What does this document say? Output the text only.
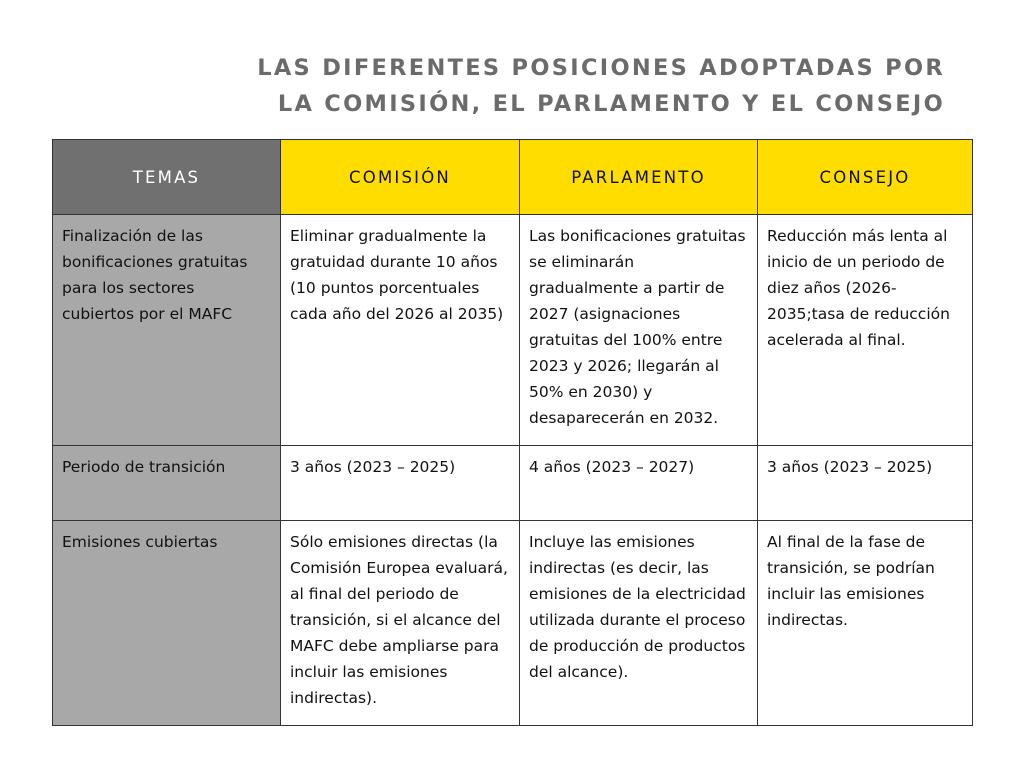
LAS DIFERENTES POSICIONES ADOPTADAS POR
LA COMISIÓN, EL PARLAMENTO Y EL CONSEJO
TEMAS	COMISIÓN	PARLAMENTO	CONSEJO
Finalización de las bonificaciones gratuitas para los sectores cubiertos por el MAFC	Eliminar gradualmente la gratuidad durante 10 años (10 puntos porcentuales cada año del 2026 al 2035)	Las bonificaciones gratuitas se eliminarán gradualmente a partir de 2027 (asignaciones gratuitas del 100% entre 2023 y 2026; llegarán al 50% en 2030) y desaparecerán en 2032.	Reducción más lenta al inicio de un periodo de diez años (2026-2035;tasa de reducción acelerada al final.
Periodo de transición	3 años (2023 – 2025)	4 años (2023 – 2027)	3 años (2023 – 2025)
Emisiones cubiertas	Sólo emisiones directas (la Comisión Europea evaluará, al final del periodo de transición, si el alcance del MAFC debe ampliarse para incluir las emisiones indirectas).	Incluye las emisiones indirectas (es decir, las emisiones de la electricidad utilizada durante el proceso de producción de productos del alcance).	Al final de la fase de transición, se podrían incluir las emisiones indirectas.
